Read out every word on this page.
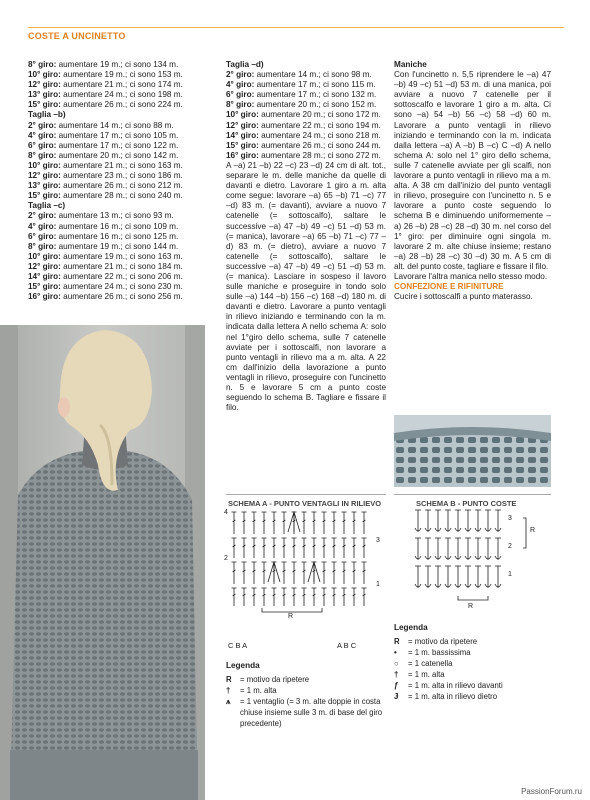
COSTE A UNCINETTO

8° giro: aumentare 19 m.; ci sono 134 m.

10° giro: aumentare 19 m.; ci sono 153 m.

12° giro: aumentare 21 m.; ci sono 174 m.

13° giro: aumentare 24 m.; ci sono 198 m.

15° giro: aumentare 26 m.; ci sono 224 m.

Taglia –b)

2° giro: aumentare 14 m.; ci sono 88 m.

4° giro: aumentare 17 m.; ci sono 105 m.

6° giro: aumentare 17 m.; ci sono 122 m.

8° giro: aumentare 20 m.; ci sono 142 m.

10° giro: aumentare 21 m.; ci sono 163 m.

12° giro: aumentare 23 m.; ci sono 186 m.

13° giro: aumentare 26 m.; ci sono 212 m.

15° giro: aumentare 28 m.; ci sono 240 m.

Taglia –c)

2° giro: aumentare 13 m.; ci sono 93 m.

4° giro: aumentare 16 m.; ci sono 109 m.

6° giro: aumentare 16 m.; ci sono 125 m.

8° giro: aumentare 19 m.; ci sono 144 m.

10° giro: aumentare 19 m.; ci sono 163 m.

12° giro: aumentare 21 m.; ci sono 184 m.

14° giro: aumentare 22 m.; ci sono 206 m.

15° giro: aumentare 24 m.; ci sono 230 m.

16° giro: aumentare 26 m.; ci sono 256 m.

Taglia –d)

2° giro: aumentare 14 m.; ci sono 98 m.

4° giro: aumentare 17 m.; ci sono 115 m.

6° giro: aumentare 17 m.; ci sono 132 m.

8° giro: aumentare 20 m.; ci sono 152 m.

10° giro: aumentare 20 m.; ci sono 172 m.

12° giro: aumentare 22 m.; ci sono 194 m.

14° giro: aumentare 24 m.; ci sono 218 m.

15° giro: aumentare 26 m.; ci sono 244 m.

16° giro: aumentare 28 m.; ci sono 272 m.

A –a) 21 –b) 22 –c) 23 –d) 24 cm di alt. tot., separare le m. delle maniche da quelle di davanti e dietro. Lavorare 1 giro a m. alta come segue: lavorare –a) 65 –b) 71 –c) 77 –d) 83 m. (= davanti), avviare a nuovo 7 catenelle (= sottoscalfo), saltare le successive –a) 47 –b) 49 –c) 51 –d) 53 m. (= manica), lavorare –a) 65 –b) 71 –c) 77 –d) 83 m. (= dietro), avviare a nuovo 7 catenelle (= sottoscalfo), saltare le successive –a) 47 –b) 49 –c) 51 –d) 53 m. (= manica). Lasciare in sospeso il lavoro sulle maniche e proseguire in tondo solo sulle –a) 144 –b) 156 –c) 168 –d) 180 m. di davanti e dietro. Lavorare a punto ventagli in rilievo iniziando e terminando con la m. indicata dalla lettera A nello schema A: solo nel 1°giro dello schema, sulle 7 catenelle avviate per i sottoscalfi, non lavorare a punto ventagli in rilievo ma a m. alta. A 22 cm dall'inizio della lavorazione a punto ventagli in rilievo, proseguire con l'uncinetto n. 5 e lavorare 5 cm a punto coste seguendo lo schema B. Tagliare e fissare il filo.

Maniche

Con l'uncinetto n. 5,5 riprendere le –a) 47 –b) 49 –c) 51 –d) 53 m. di una manica, poi avviare a nuovo 7 catenelle per il sottoscalfo e lavorare 1 giro a m. alta. Ci sono –a) 54 –b) 56 –c) 58 –d) 60 m. Lavorare a punto ventagli in rilievo iniziando e terminando con la m. indicata dalla lettera –a) A –b) B –c) C –d) A nello schema A: solo nel 1° giro dello schema, sulle 7 catenelle avviate per gli scalfi, non lavorare a punto ventagli in rilievo ma a m. alta. A 38 cm dall'inizio del punto ventagli in rilievo, proseguire con l'uncinetto n. 5 e lavorare a punto coste seguendo lo schema B e diminuendo uniformemente –a) 26 –b) 28 –c) 28 –d) 30 m. nel corso del 1° giro: per diminuire ogni singola m. lavorare 2 m. alte chiuse insieme; restano –a) 28 –b) 28 –c) 30 –d) 30 m. A 5 cm di alt. del punto coste, tagliare e fissare il filo.

Lavorare l'altra manica nello stesso modo.

CONFEZIONE E RIFINITURE

Cucire i sottoscalfi a punto materasso.

SCHEMA A - PUNTO VENTAGLI IN RILIEVO	SCHEMA B - PUNTO COSTE
4
3
2
1
R
C B A	A B C
3
2
1
R
R
Legenda
R	= motivo da ripetere
†	= 1 m. alta
⩚	= 1 ventaglio (= 3 m. alte doppie in costa chiuse insieme sulle 3 m. di base del giro precedente)
Legenda
R	= motivo da ripetere
•	= 1 m. bassissima
○	= 1 catenella
†	= 1 m. alta
ƒ	= 1 m. alta in rilievo davanti
Ɉ	= 1 m. alta in rilievo dietro
PassionForum.ru
